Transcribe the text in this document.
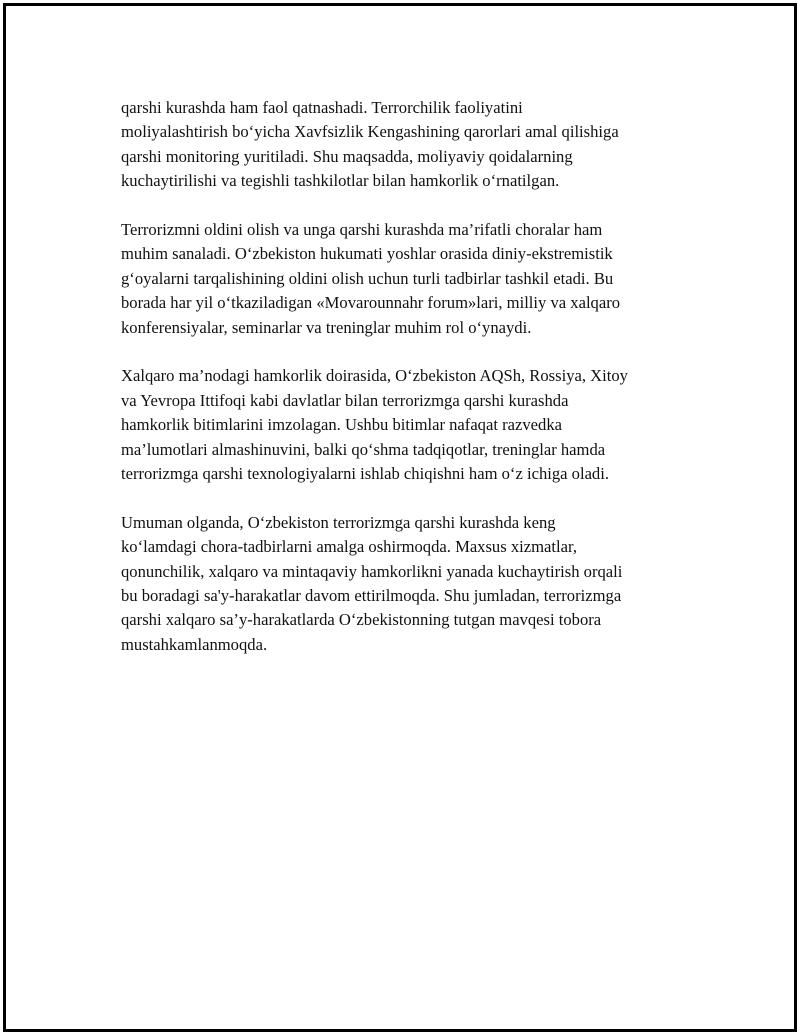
qarshi kurashda ham faol qatnashadi. Terrorchilik faoliyatini
moliyalashtirish bo‘yicha Xavfsizlik Kengashining qarorlari amal qilishiga
qarshi monitoring yuritiladi. Shu maqsadda, moliyaviy qoidalarning
kuchaytirilishi va tegishli tashkilotlar bilan hamkorlik o‘rnatilgan.

Terrorizmni oldini olish va unga qarshi kurashda ma’rifatli choralar ham
muhim sanaladi. O‘zbekiston hukumati yoshlar orasida diniy-ekstremistik
g‘oyalarni tarqalishining oldini olish uchun turli tadbirlar tashkil etadi. Bu
borada har yil o‘tkaziladigan «Movarounnahr forum»lari, milliy va xalqaro
konferensiyalar, seminarlar va treninglar muhim rol o‘ynaydi.

Xalqaro ma’nodagi hamkorlik doirasida, O‘zbekiston AQSh, Rossiya, Xitoy
va Yevropa Ittifoqi kabi davlatlar bilan terrorizmga qarshi kurashda
hamkorlik bitimlarini imzolagan. Ushbu bitimlar nafaqat razvedka
ma’lumotlari almashinuvini, balki qo‘shma tadqiqotlar, treninglar hamda
terrorizmga qarshi texnologiyalarni ishlab chiqishni ham o‘z ichiga oladi.

Umuman olganda, O‘zbekiston terrorizmga qarshi kurashda keng
ko‘lamdagi chora-tadbirlarni amalga oshirmoqda. Maxsus xizmatlar,
qonunchilik, xalqaro va mintaqaviy hamkorlikni yanada kuchaytirish orqali
bu boradagi sa'y-harakatlar davom ettirilmoqda. Shu jumladan, terrorizmga
qarshi xalqaro sa’y-harakatlarda O‘zbekistonning tutgan mavqesi tobora
mustahkamlanmoqda.
